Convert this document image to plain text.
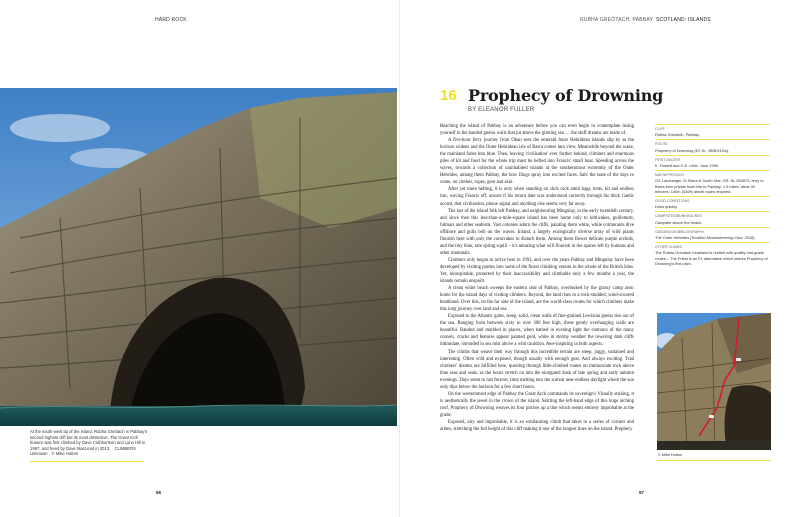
HARD ROCK
At the south-west tip of the island, Rubha Greòtach is Pabbay's second highest cliff but its most distinctive. The Great Arch feature was first climbed by Dave Cuthbertson and Lynn Hill in 1997, and freed by Dave MacLeod in 2013. CLIMBERS Unknown © Mike Hutton
56
RUBHA GREÒTACH, PABBAY SCOTLAND: ISLANDS
16 Prophecy of Drowning
BY ELEANOR FULLER

Reaching the island of Pabbay is an adventure before you can even begin to contemplate losing yourself in the banded gneiss walls that jut above the glinting sea … the stuff dreams are made of.

A five-hour ferry journey from Oban sees the emerald Inner Hebridean islands slip by as the horizon widens and the Outer Hebridean isle of Barra comes into view. Meanwhile beyond the wake, the mainland fades into blue. Then, leaving 'civilisation' ever further behind, climbers and enormous piles of kit and food for the whole trip must be hefted into Francis' small boat. Speeding across the waves, towards a collection of uninhabited islands at the southernmost extremity of the Outer Hebrides, among them Pabbay, the bow flings spray into excited faces. Salt: the taste of the days to come, on clothes, ropes, gear and skin.

After yet more hefting, it is only when standing on slick rock amid bags, tents, kit and endless tins, waving Francis off, unsure if his return date was understood correctly through his thick Gaelic accent, that civilisation, phone signal and anything else seems very far away.

The last of the island folk left Pabbay, and neighbouring Mingulay, in the early twentieth century, and since then this less-than-a-mile-square island has been home only to kittiwakes, guillemots, fulmars and other seabirds. Vast colonies adorn the cliffs, painting them white, while cormorants dive offshore and gulls bob on the waves. Inland, a largely ecologically diverse array of wild plants flourish here with only the corncrakes to disturb them. Among them flower delicate purple orchids, and the tiny blue, rare spring squill – it's amazing what will flourish in the spaces left by humans and other mammals.

Climbers only began to arrive here in 1993, and over the years Pabbay and Mingulay have been developed by visiting parties into some of the finest climbing venues in the whole of the British Isles. Yet, inhospitable, protected by their inaccessibility and climbable only a few months a year, the islands remain unspoilt.

A clean white beach sweeps the eastern side of Pabbay, overlooked by the grassy camp area: home for the island days of visiting climbers. Beyond, the land rises to a rock-studded, wind-scoured heathland. Over this, on the far side of the island, are the world-class routes for which climbers make this long journey over land and sea.

Exposed to the Atlantic gales, steep, solid, clean walls of fine-grained Lewisian gneiss rise out of the sea. Ranging from between sixty to over 300 feet high, these gently overhanging walls are beautiful. Banded and marbled in places, when bathed in evening light the contours of the many corners, cracks and features appear painted gold, while in stormy weather the towering dark cliffs intimidate, shrouded in sea mist above a wild cauldron. Awe-inspiring in both aspects.

The climbs that weave their way through this incredible terrain are steep, juggy, sustained and interesting. Often wild and exposed, though usually with enough gear. And always exciting. Trad climbers' dreams are fulfilled here, questing through little-climbed routes on immaculate rock above blue seas and seals, as the hours stretch on into the elongated dusk of late spring and early autumn evenings. Days seem to last forever, time melting into the surreal near-endless daylight where the sun only dips below the horizon for a few short hours.

On the westernmost edge of Pabbay the Great Arch commands its sovereign's Visually striking, it is aesthetically the jewel in the crown of the island. Skirting the left-hand edge of this huge arching roof, Prophecy of Drowning weaves its four pitches up a line which seems entirely improbable at the grade.

Exposed, airy and improbable, it is an exhilarating climb that takes in a series of corners and arêtes, stretching the full height of this cliff making it one of the longest lines on the island. Prophecy

CLIFF
Rubha Greòtach, Pabbay.
ROUTE
Prophecy of Drowning (E2 5c, 380ft/115m).
FIRST ASCENT
K. Howett and G.E. Little, June 1996.
MAP/APPROACH
OS Landranger 31 Barra & South Uist; GR: NL 592873; ferry to Barra then private boat hire to Pabbay: 1.5 miles, allow 30 minutes; 100m (330ft) abseil ropes required.
GOOD CONDITIONS
Dries quickly.
CAMPSITES/BUNKHOUSES
Campsite above the beach.
GUIDEBOOK/BIBLIOGRAPHY
The Outer Hebrides (Scottish Mountaineering Club, 2018).
OTHER CLIMBS
The Rubha Greòtach headland is riddled with quality mid-grade routes – The Priest is an E1 alternative which shares Prophecy of Drowning's first pitch.
© Mike Hutton
57
